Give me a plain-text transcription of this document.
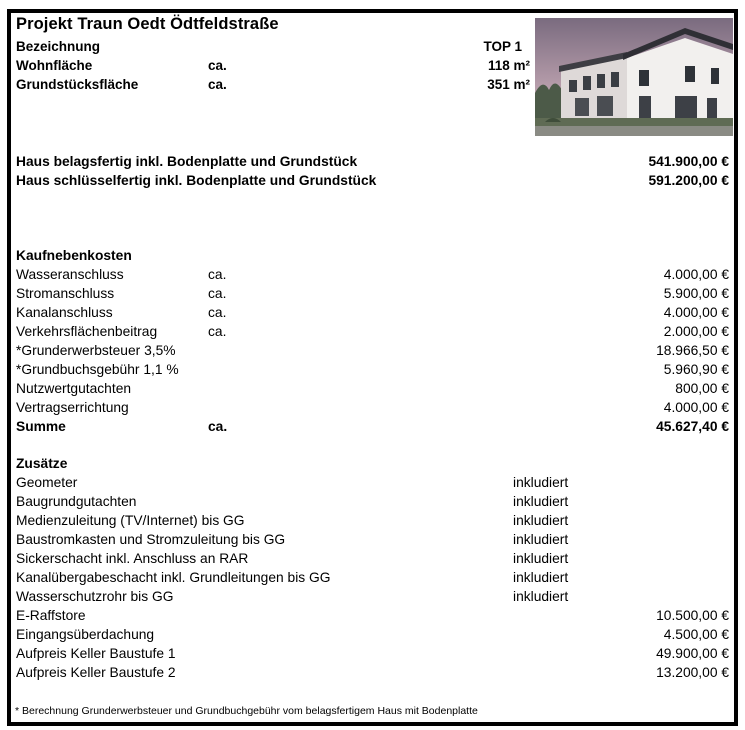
Projekt Traun Oedt Ödtfeldstraße
Bezeichnung	TOP 1
Wohnfläche	ca.	118 m²
Grundstücksfläche	ca.	351 m²
Haus belagsfertig inkl. Bodenplatte und Grundstück	541.900,00 €
Haus schlüsselfertig inkl. Bodenplatte und Grundstück	591.200,00 €
Kaufnebenkosten
Wasseranschluss	ca.	4.000,00 €
Stromanschluss	ca.	5.900,00 €
Kanalanschluss	ca.	4.000,00 €
Verkehrsflächenbeitrag	ca.	2.000,00 €
*Grunderwerbsteuer 3,5%	18.966,50 €
*Grundbuchsgebühr 1,1 %	5.960,90 €
Nutzwertgutachten	800,00 €
Vertragserrichtung	4.000,00 €
Summe	ca.	45.627,40 €
Zusätze
Geometer	inkludiert
Baugrundgutachten	inkludiert
Medienzuleitung (TV/Internet) bis GG	inkludiert
Baustromkasten und Stromzuleitung bis GG	inkludiert
Sickerschacht inkl. Anschluss an RAR	inkludiert
Kanalübergabeschacht inkl. Grundleitungen bis GG	inkludiert
Wasserschutzrohr bis GG	inkludiert
E-Raffstore	10.500,00 €
Eingangsüberdachung	4.500,00 €
Aufpreis Keller Baustufe 1	49.900,00 €
Aufpreis Keller Baustufe 2	13.200,00 €
* Berechnung Grunderwerbsteuer und Grundbuchgebühr vom belagsfertigem Haus mit Bodenplatte
